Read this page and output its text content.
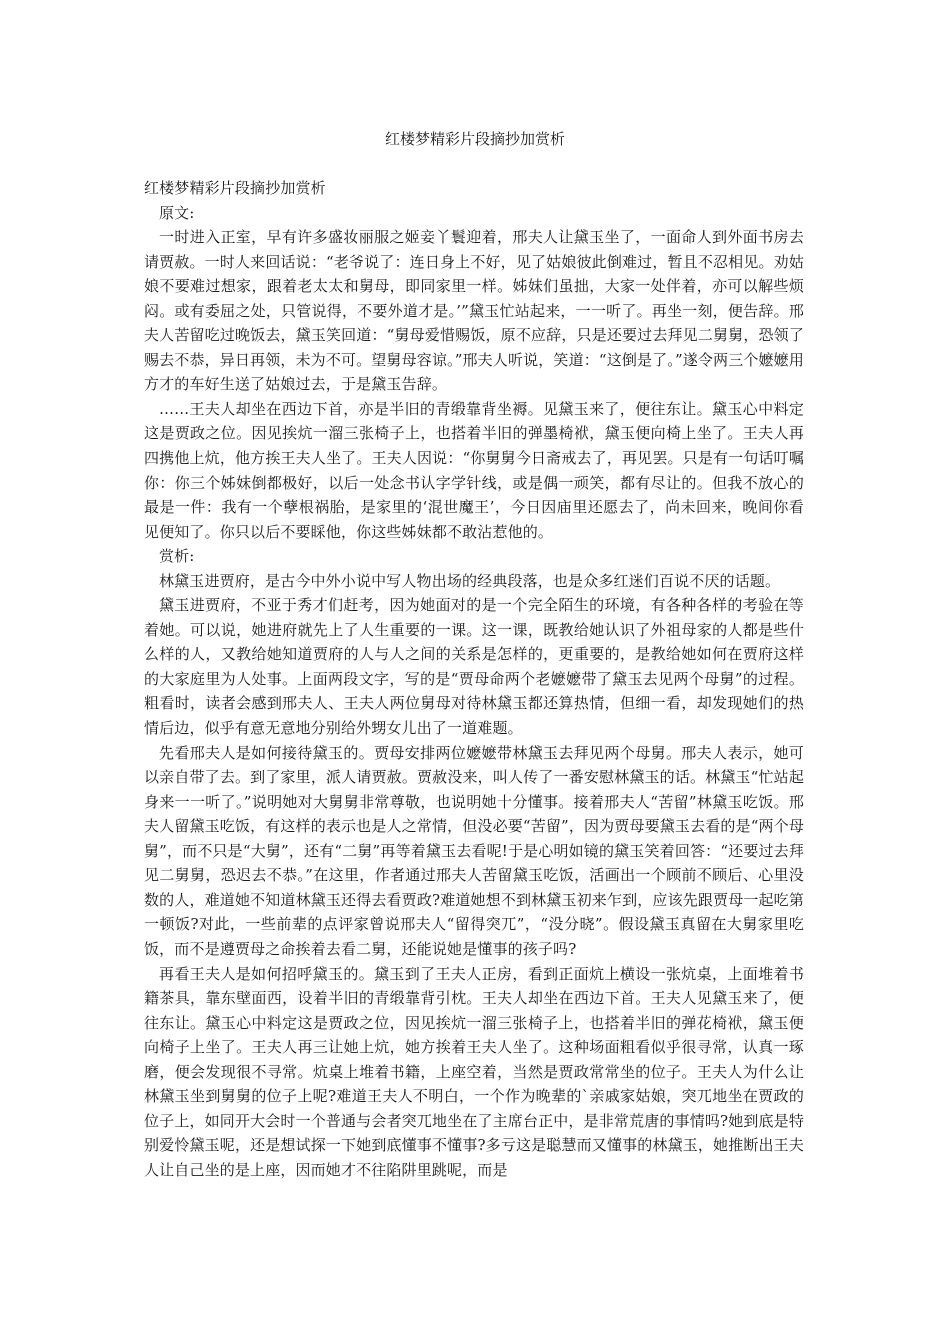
红楼梦精彩片段摘抄加赏析

红楼梦精彩片段摘抄加赏析

原文:

一时进入正室，早有许多盛妆丽服之姬妾丫鬟迎着，邢夫人让黛玉坐了，一面命人到外面书房去请贾赦。一时人来回话说：“老爷说了：连日身上不好，见了姑娘彼此倒难过，暂且不忍相见。劝姑娘不要难过想家，跟着老太太和舅母，即同家里一样。姊妹们虽拙，大家一处伴着，亦可以解些烦闷。或有委屈之处，只管说得，不要外道才是。’”黛玉忙站起来，一一听了。再坐一刻，便告辞。邢夫人苦留吃过晚饭去，黛玉笑回道：“舅母爱惜赐饭，原不应辞，只是还要过去拜见二舅舅，恐领了赐去不恭，异日再领，未为不可。望舅母容谅。”邢夫人听说，笑道：“这倒是了。”遂令两三个嬷嬷用方才的车好生送了姑娘过去，于是黛玉告辞。

……王夫人却坐在西边下首，亦是半旧的青缎靠背坐褥。见黛玉来了，便往东让。黛玉心中料定这是贾政之位。因见挨炕一溜三张椅子上，也搭着半旧的弹墨椅袱，黛玉便向椅上坐了。王夫人再四携他上炕，他方挨王夫人坐了。王夫人因说：“你舅舅今日斋戒去了，再见罢。只是有一句话叮嘱你：你三个姊妹倒都极好，以后一处念书认字学针线，或是偶一顽笑，都有尽让的。但我不放心的最是一件：我有一个孽根祸胎，是家里的‘混世魔王’，今日因庙里还愿去了，尚未回来，晚间你看见便知了。你只以后不要睬他，你这些姊妹都不敢沾惹他的。

赏析:

林黛玉进贾府，是古今中外小说中写人物出场的经典段落，也是众多红迷们百说不厌的话题。

黛玉进贾府，不亚于秀才们赶考，因为她面对的是一个完全陌生的环境，有各种各样的考验在等着她。可以说，她进府就先上了人生重要的一课。这一课，既教给她认识了外祖母家的人都是些什么样的人，又教给她知道贾府的人与人之间的关系是怎样的，更重要的，是教给她如何在贾府这样的大家庭里为人处事。上面两段文字，写的是“贾母命两个老嬷嬷带了黛玉去见两个母舅”的过程。粗看时，读者会感到邢夫人、王夫人两位舅母对待林黛玉都还算热情，但细一看，却发现她们的热情后边，似乎有意无意地分别给外甥女儿出了一道难题。

先看邢夫人是如何接待黛玉的。贾母安排两位嬷嬷带林黛玉去拜见两个母舅。邢夫人表示，她可以亲自带了去。到了家里，派人请贾赦。贾赦没来，叫人传了一番安慰林黛玉的话。林黛玉“忙站起身来一一听了。”说明她对大舅舅非常尊敬，也说明她十分懂事。接着邢夫人“苦留”林黛玉吃饭。邢夫人留黛玉吃饭，有这样的表示也是人之常情，但没必要“苦留”，因为贾母要黛玉去看的是“两个母舅”，而不只是“大舅”，还有“二舅”再等着黛玉去看呢!于是心明如镜的黛玉笑着回答：“还要过去拜见二舅舅，恐迟去不恭。”在这里，作者通过邢夫人苦留黛玉吃饭，活画出一个顾前不顾后、心里没数的人，难道她不知道林黛玉还得去看贾政?难道她想不到林黛玉初来乍到，应该先跟贾母一起吃第一顿饭?对此，一些前辈的点评家曾说邢夫人“留得突兀”，“没分晓”。假设黛玉真留在大舅家里吃饭，而不是遵贾母之命挨着去看二舅，还能说她是懂事的孩子吗?

再看王夫人是如何招呼黛玉的。黛玉到了王夫人正房，看到正面炕上横设一张炕桌，上面堆着书籍茶具，靠东壁面西，设着半旧的青缎靠背引枕。王夫人却坐在西边下首。王夫人见黛玉来了，便往东让。黛玉心中料定这是贾政之位，因见挨炕一溜三张椅子上，也搭着半旧的弹花椅袱，黛玉便向椅子上坐了。王夫人再三让她上炕，她方挨着王夫人坐了。这种场面粗看似乎很寻常，认真一琢磨，便会发现很不寻常。炕桌上堆着书籍，上座空着，当然是贾政常常坐的位子。王夫人为什么让林黛玉坐到舅舅的位子上呢?难道王夫人不明白，一个作为晚辈的`亲戚家姑娘，突兀地坐在贾政的位子上，如同开大会时一个普通与会者突兀地坐在了主席台正中，是非常荒唐的事情吗?她到底是特别爱怜黛玉呢，还是想试探一下她到底懂事不懂事?多亏这是聪慧而又懂事的林黛玉，她推断出王夫人让自己坐的是上座，因而她才不往陷阱里跳呢，而是
